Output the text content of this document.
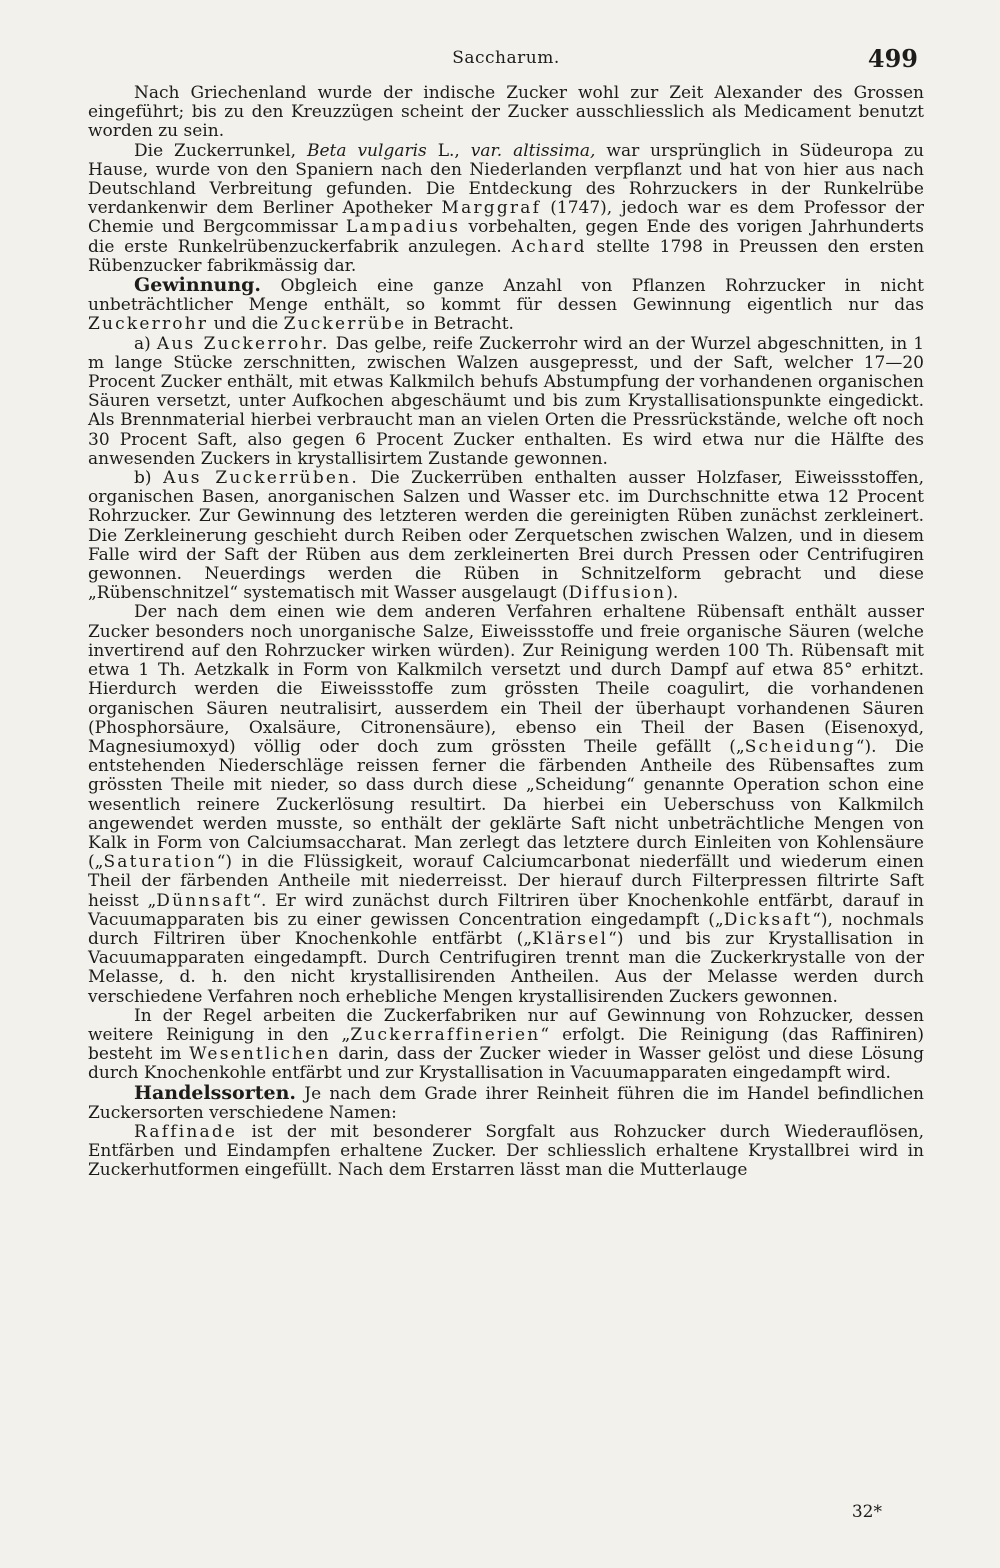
Saccharum.	499

Nach Griechenland wurde der indische Zucker wohl zur Zeit Alexander des Grossen eingeführt; bis zu den Kreuzzügen scheint der Zucker ausschliesslich als Medicament benutzt worden zu sein.

Die Zuckerrunkel, Beta vulgaris L., var. altissima, war ursprünglich in Südeuropa zu Hause, wurde von den Spaniern nach den Niederlanden verpflanzt und hat von hier aus nach Deutschland Verbreitung gefunden. Die Entdeckung des Rohrzuckers in der Runkelrübe verdankenwir dem Berliner Apotheker Marggraf (1747), jedoch war es dem Professor der Chemie und Bergcommissar Lampadius vorbehalten, gegen Ende des vorigen Jahrhunderts die erste Runkelrübenzuckerfabrik anzulegen. Achard stellte 1798 in Preussen den ersten Rübenzucker fabrikmässig dar.

Gewinnung. Obgleich eine ganze Anzahl von Pflanzen Rohrzucker in nicht unbeträchtlicher Menge enthält, so kommt für dessen Gewinnung eigentlich nur das Zuckerrohr und die Zuckerrübe in Betracht.

a) Aus Zuckerrohr. Das gelbe, reife Zuckerrohr wird an der Wurzel abgeschnitten, in 1 m lange Stücke zerschnitten, zwischen Walzen ausgepresst, und der Saft, welcher 17—20 Procent Zucker enthält, mit etwas Kalkmilch behufs Abstumpfung der vorhandenen organischen Säuren versetzt, unter Aufkochen abgeschäumt und bis zum Krystallisationspunkte eingedickt. Als Brennmaterial hierbei verbraucht man an vielen Orten die Pressrückstände, welche oft noch 30 Procent Saft, also gegen 6 Procent Zucker enthalten. Es wird etwa nur die Hälfte des anwesenden Zuckers in krystallisirtem Zustande gewonnen.

b) Aus Zuckerrüben. Die Zuckerrüben enthalten ausser Holzfaser, Eiweissstoffen, organischen Basen, anorganischen Salzen und Wasser etc. im Durchschnitte etwa 12 Procent Rohrzucker. Zur Gewinnung des letzteren werden die gereinigten Rüben zunächst zerkleinert. Die Zerkleinerung geschieht durch Reiben oder Zerquetschen zwischen Walzen, und in diesem Falle wird der Saft der Rüben aus dem zerkleinerten Brei durch Pressen oder Centrifugiren gewonnen. Neuerdings werden die Rüben in Schnitzelform gebracht und diese „Rübenschnitzel“ systematisch mit Wasser ausgelaugt (Diffusion).

Der nach dem einen wie dem anderen Verfahren erhaltene Rübensaft enthält ausser Zucker besonders noch unorganische Salze, Eiweissstoffe und freie organische Säuren (welche invertirend auf den Rohrzucker wirken würden). Zur Reinigung werden 100 Th. Rübensaft mit etwa 1 Th. Aetzkalk in Form von Kalkmilch versetzt und durch Dampf auf etwa 85° erhitzt. Hierdurch werden die Eiweissstoffe zum grössten Theile coagulirt, die vorhandenen organischen Säuren neutralisirt, ausserdem ein Theil der überhaupt vorhandenen Säuren (Phosphorsäure, Oxalsäure, Citronensäure), ebenso ein Theil der Basen (Eisenoxyd, Magnesiumoxyd) völlig oder doch zum grössten Theile gefällt („Scheidung“). Die entstehenden Niederschläge reissen ferner die färbenden Antheile des Rübensaftes zum grössten Theile mit nieder, so dass durch diese „Scheidung“ genannte Operation schon eine wesentlich reinere Zuckerlösung resultirt. Da hierbei ein Ueberschuss von Kalkmilch angewendet werden musste, so enthält der geklärte Saft nicht unbeträchtliche Mengen von Kalk in Form von Calciumsaccharat. Man zerlegt das letztere durch Einleiten von Kohlensäure („Saturation“) in die Flüssigkeit, worauf Calciumcarbonat niederfällt und wiederum einen Theil der färbenden Antheile mit niederreisst. Der hierauf durch Filterpressen filtrirte Saft heisst „Dünnsaft“. Er wird zunächst durch Filtriren über Knochenkohle entfärbt, darauf in Vacuumapparaten bis zu einer gewissen Concentration eingedampft („Dicksaft“), nochmals durch Filtriren über Knochenkohle entfärbt („Klärsel“) und bis zur Krystallisation in Vacuumapparaten eingedampft. Durch Centrifugiren trennt man die Zuckerkrystalle von der Melasse, d. h. den nicht krystallisirenden Antheilen. Aus der Melasse werden durch verschiedene Verfahren noch erhebliche Mengen krystallisirenden Zuckers gewonnen.

In der Regel arbeiten die Zuckerfabriken nur auf Gewinnung von Rohzucker, dessen weitere Reinigung in den „Zuckerraffinerien“ erfolgt. Die Reinigung (das Raffiniren) besteht im Wesentlichen darin, dass der Zucker wieder in Wasser gelöst und diese Lösung durch Knochenkohle entfärbt und zur Krystallisation in Vacuumapparaten eingedampft wird.

Handelssorten. Je nach dem Grade ihrer Reinheit führen die im Handel befindlichen Zuckersorten verschiedene Namen:

Raffinade ist der mit besonderer Sorgfalt aus Rohzucker durch Wiederauflösen, Entfärben und Eindampfen erhaltene Zucker. Der schliesslich erhaltene Krystallbrei wird in Zuckerhutformen eingefüllt. Nach dem Erstarren lässt man die Mutterlauge

32*
